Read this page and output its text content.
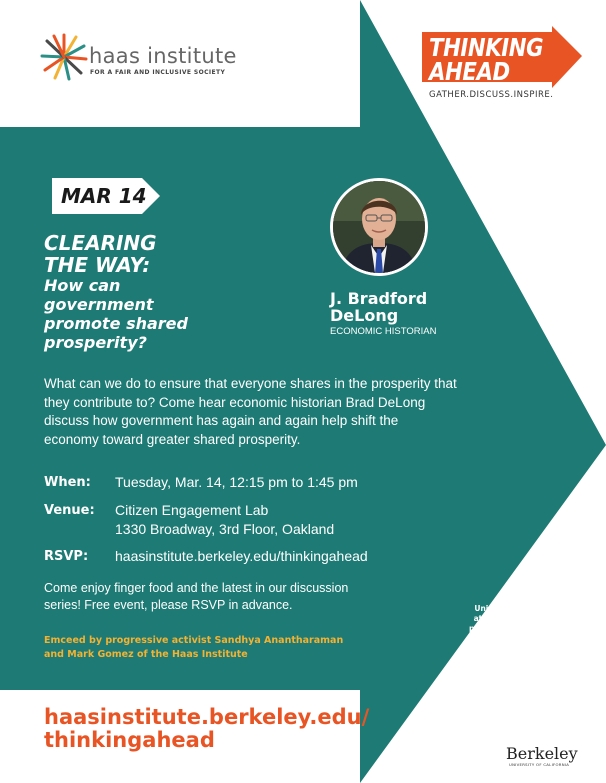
haas institute
FOR A FAIR AND INCLUSIVE SOCIETY
THINKING
AHEAD
GATHER.DISCUSS.INSPIRE.
MAR 14
CLEARING
THE WAY:
How can
government
promote shared
prosperity?
J. Bradford
DeLong
ECONOMIC HISTORIAN
What can we do to ensure that everyone shares in the prosperity that
they contribute to? Come hear economic historian Brad DeLong
discuss how government has again and again help shift the
economy toward greater shared prosperity.
When: Tuesday, Mar. 14, 12:15 pm to 1:45 pm
Venue: Citizen Engagement Lab
1330 Broadway, 3rd Floor, Oakland
RSVP: haasinstitute.berkeley.edu/thinkingahead
Come enjoy finger food and the latest in our discussion
series! Free event, please RSVP in advance.
Emceed by progressive activist Sandhya Anantharaman
and Mark Gomez of the Haas Institute
J. Bradford
DeLong is a
professor of
Economics at the
University of California
at Berkeley, chair of its
political economy major,
a research associate of the
National Bureau of Economic
Research, and was in the Clinton
administration as a deputy assis-
tant secretary of the US Treasury.
haasinstitute.berkeley.edu/
thinkingahead
Berkeley
UNIVERSITY OF CALIFORNIA
